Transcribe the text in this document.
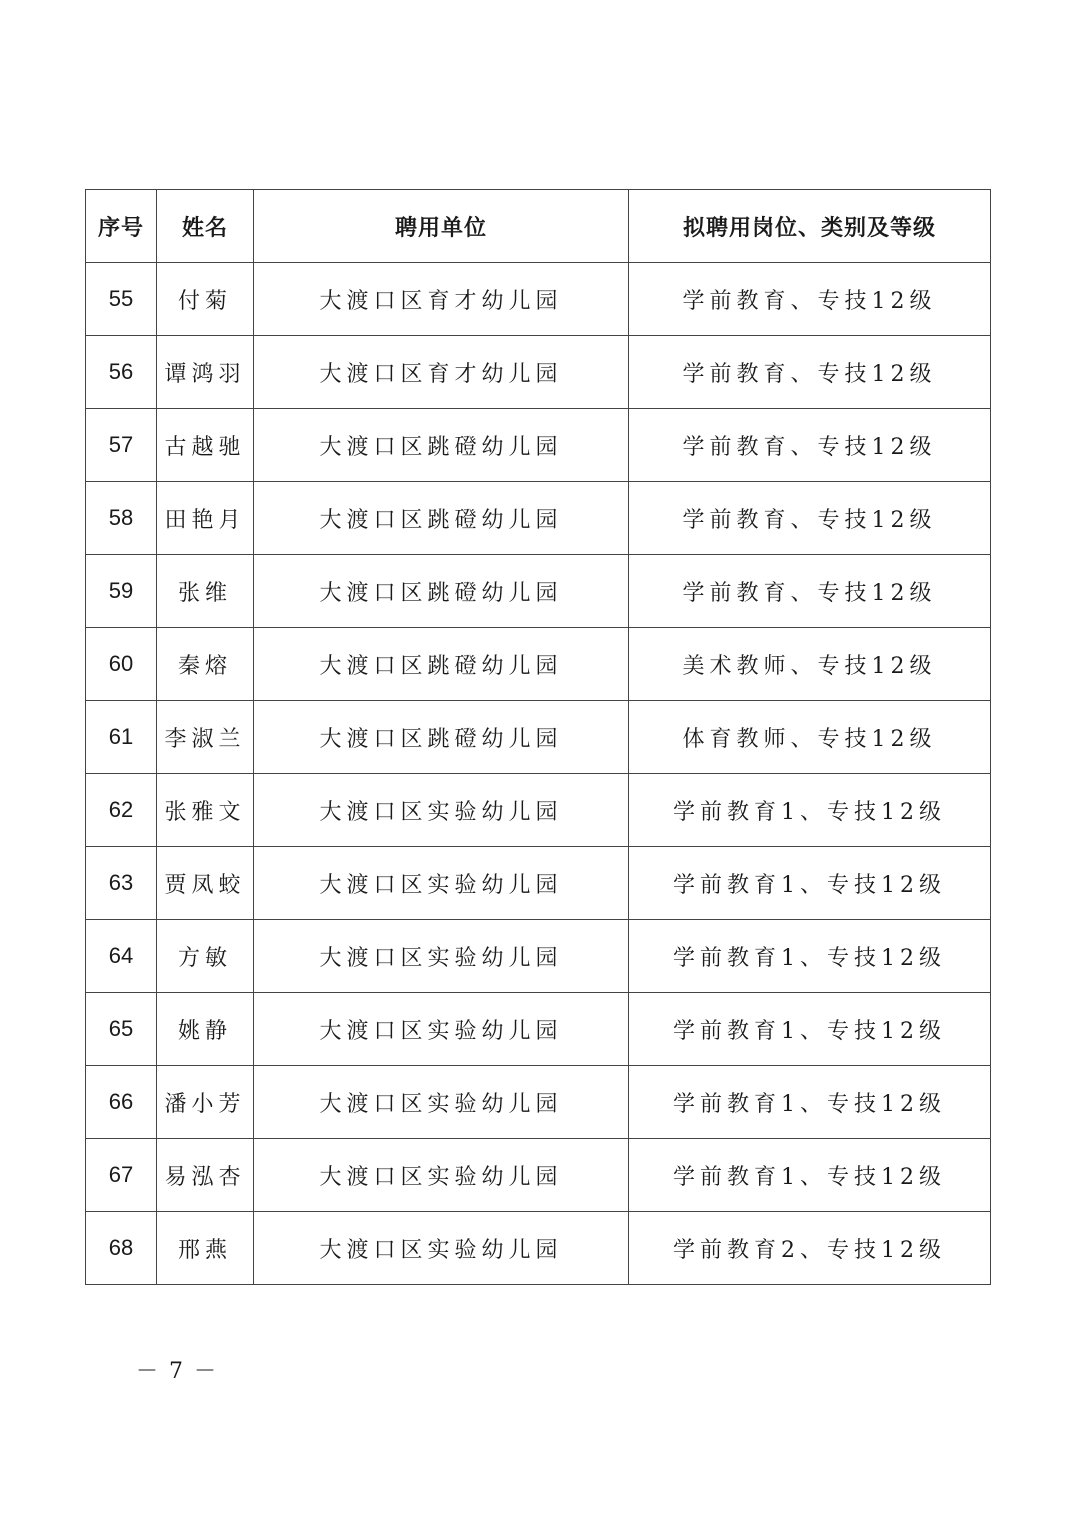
序号	姓名	聘用单位	拟聘用岗位、类别及等级
55	付菊	大渡口区育才幼儿园	学前教育、专技12级
56	谭鸿羽	大渡口区育才幼儿园	学前教育、专技12级
57	古越驰	大渡口区跳磴幼儿园	学前教育、专技12级
58	田艳月	大渡口区跳磴幼儿园	学前教育、专技12级
59	张维	大渡口区跳磴幼儿园	学前教育、专技12级
60	秦熔	大渡口区跳磴幼儿园	美术教师、专技12级
61	李淑兰	大渡口区跳磴幼儿园	体育教师、专技12级
62	张雅文	大渡口区实验幼儿园	学前教育1、专技12级
63	贾凤蛟	大渡口区实验幼儿园	学前教育1、专技12级
64	方敏	大渡口区实验幼儿园	学前教育1、专技12级
65	姚静	大渡口区实验幼儿园	学前教育1、专技12级
66	潘小芳	大渡口区实验幼儿园	学前教育1、专技12级
67	易泓杏	大渡口区实验幼儿园	学前教育1、专技12级
68	邢燕	大渡口区实验幼儿园	学前教育2、专技12级
－ 7 －
